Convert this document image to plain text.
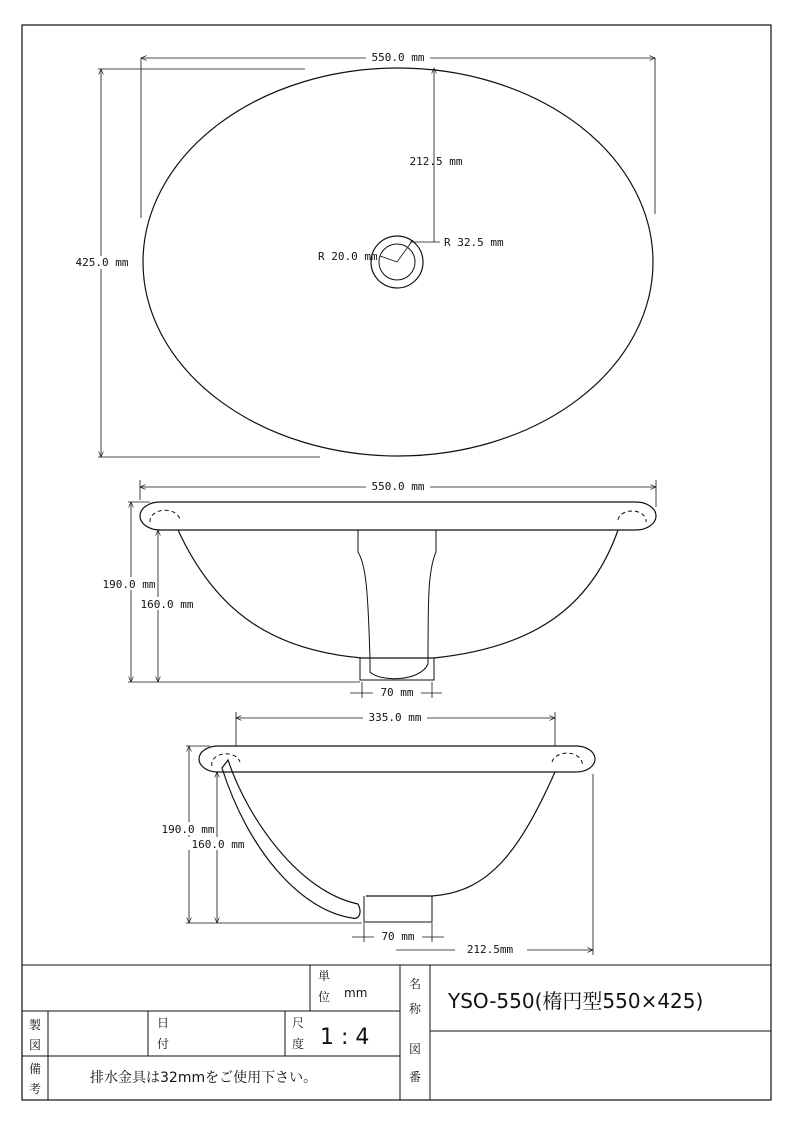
550.0 mm
425.0 mm
212.5 mm
R 32.5 mm
R 20.0 mm
550.0 mm
190.0 mm
160.0 mm
70 mm
335.0 mm
190.0 mm
160.0 mm
70 mm
212.5mm
単
位 mm
名
称 YSO-550(楕円型550×425)
製
図
日
付
尺
度 1 : 4	図
番
備
考
排水金具は32mmをご使用下さい。
